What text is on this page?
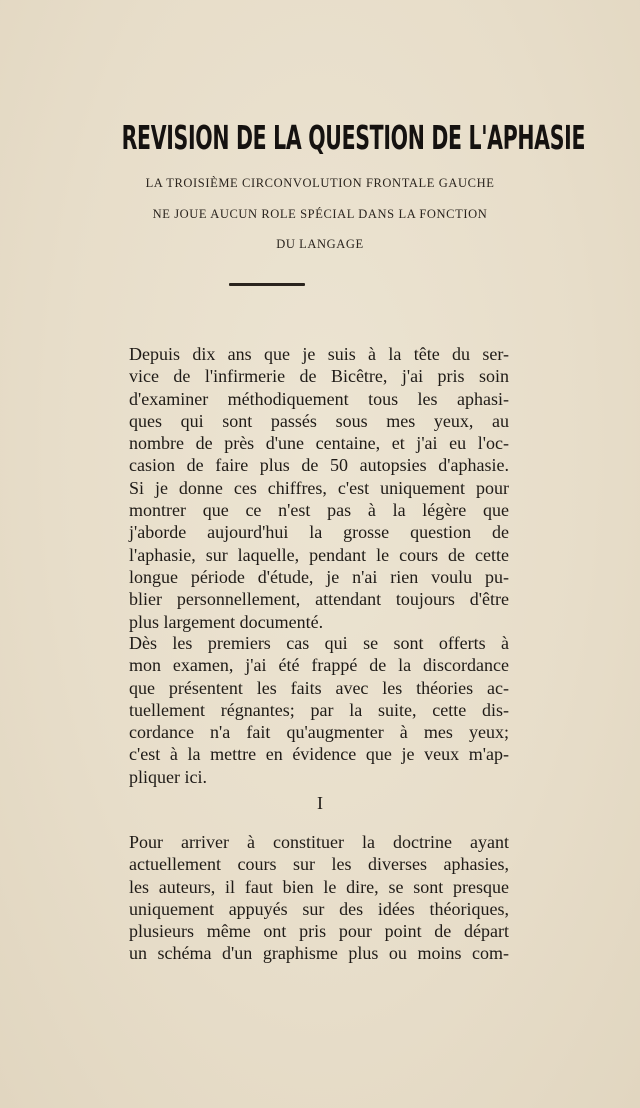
REVISION DE LA QUESTION DE L'APHASIE
LA TROISIÈME CIRCONVOLUTION FRONTALE GAUCHE
NE JOUE AUCUN ROLE SPÉCIAL DANS LA FONCTION
DU LANGAGE
Depuis dix ans que je suis à la tête du ser-
vice de l'infirmerie de Bicêtre, j'ai pris soin
d'examiner méthodiquement tous les aphasi-
ques qui sont passés sous mes yeux, au
nombre de près d'une centaine, et j'ai eu l'oc-
casion de faire plus de 50 autopsies d'aphasie.
Si je donne ces chiffres, c'est uniquement pour
montrer que ce n'est pas à la légère que
j'aborde aujourd'hui la grosse question de
l'aphasie, sur laquelle, pendant le cours de cette
longue période d'étude, je n'ai rien voulu pu-
blier personnellement, attendant toujours d'être
plus largement documenté.
Dès les premiers cas qui se sont offerts à
mon examen, j'ai été frappé de la discordance
que présentent les faits avec les théories ac-
tuellement régnantes; par la suite, cette dis-
cordance n'a fait qu'augmenter à mes yeux;
c'est à la mettre en évidence que je veux m'ap-
pliquer ici.
I
Pour arriver à constituer la doctrine ayant
actuellement cours sur les diverses aphasies,
les auteurs, il faut bien le dire, se sont presque
uniquement appuyés sur des idées théoriques,
plusieurs même ont pris pour point de départ
un schéma d'un graphisme plus ou moins com-
